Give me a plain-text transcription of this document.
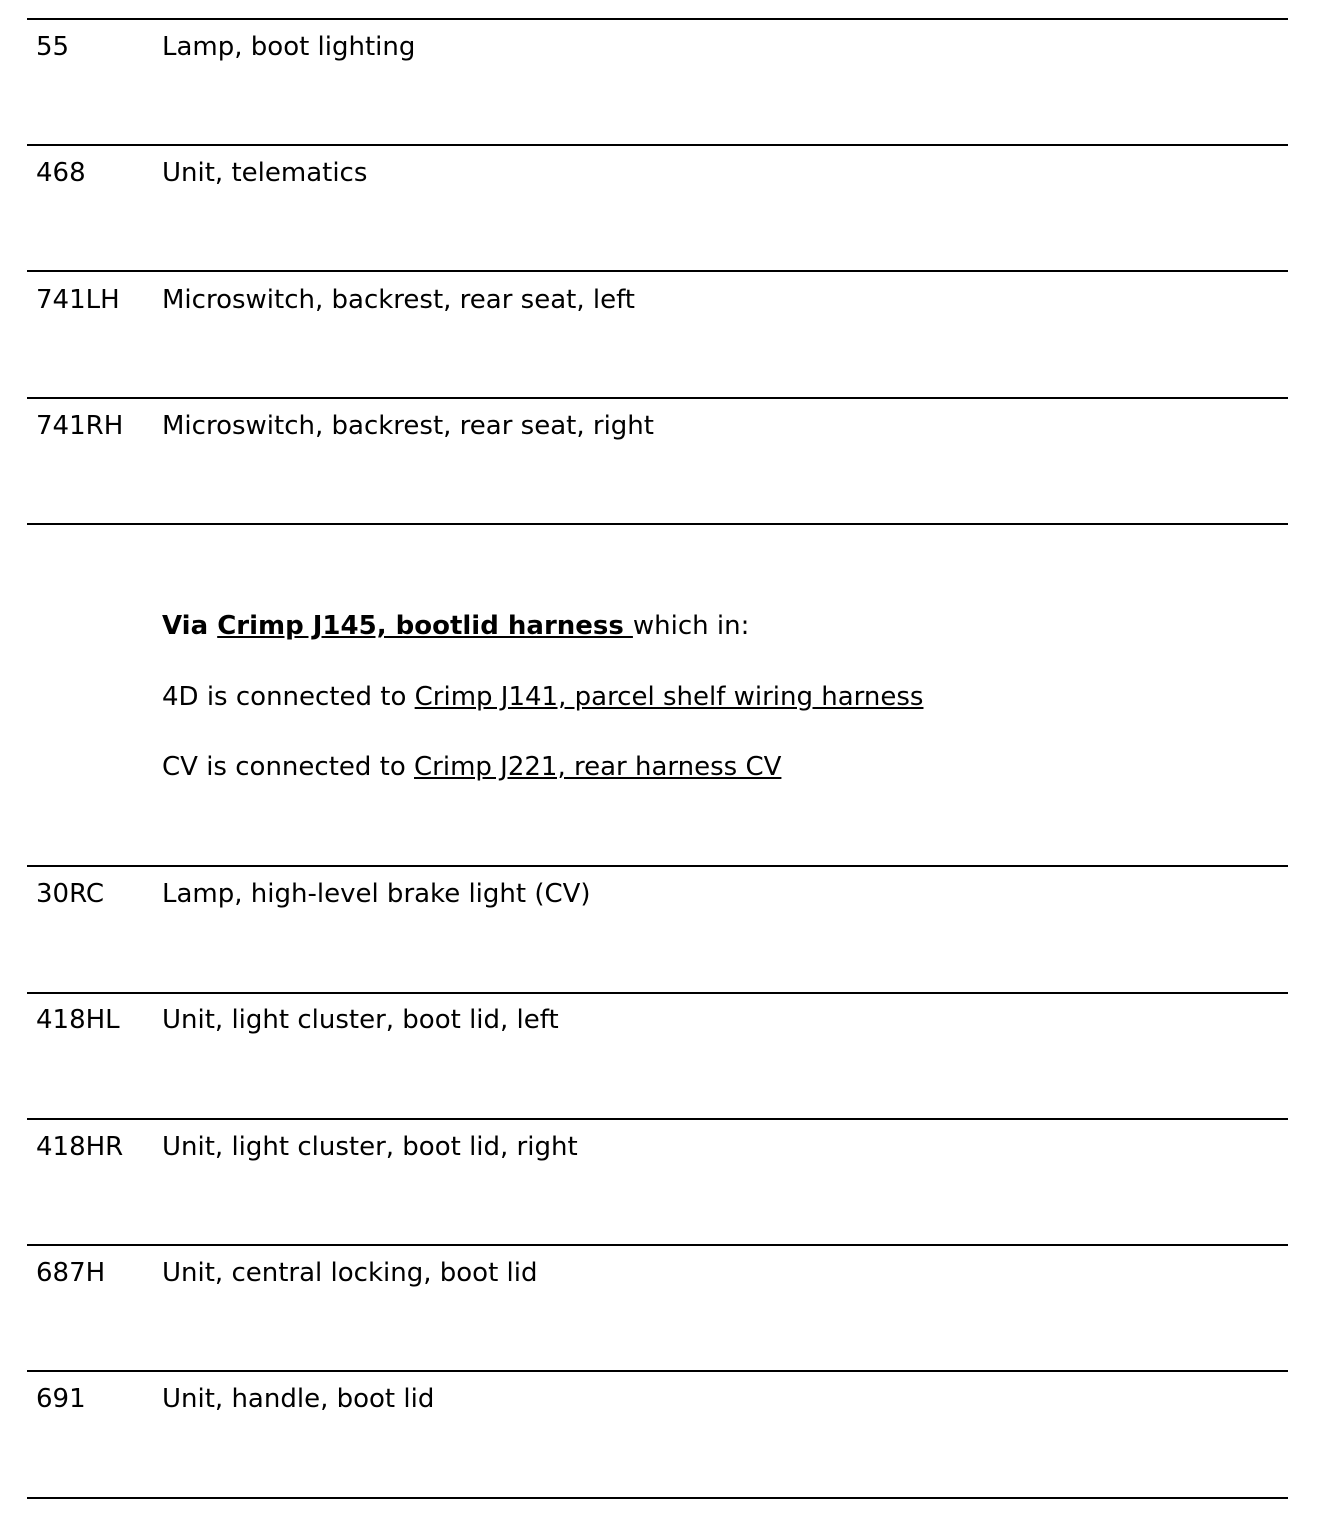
55	Lamp, boot lighting
468	Unit, telematics
741LH Microswitch, backrest, rear seat, left
741RH Microswitch, backrest, rear seat, right
Via Crimp J145, bootlid harness which in:
4D is connected to Crimp J141, parcel shelf wiring harness
CV is connected to Crimp J221, rear harness CV
30RC Lamp, high-level brake light (CV)
418HL Unit, light cluster, boot lid, left
418HR Unit, light cluster, boot lid, right
687H Unit, central locking, boot lid
691	Unit, handle, boot lid
